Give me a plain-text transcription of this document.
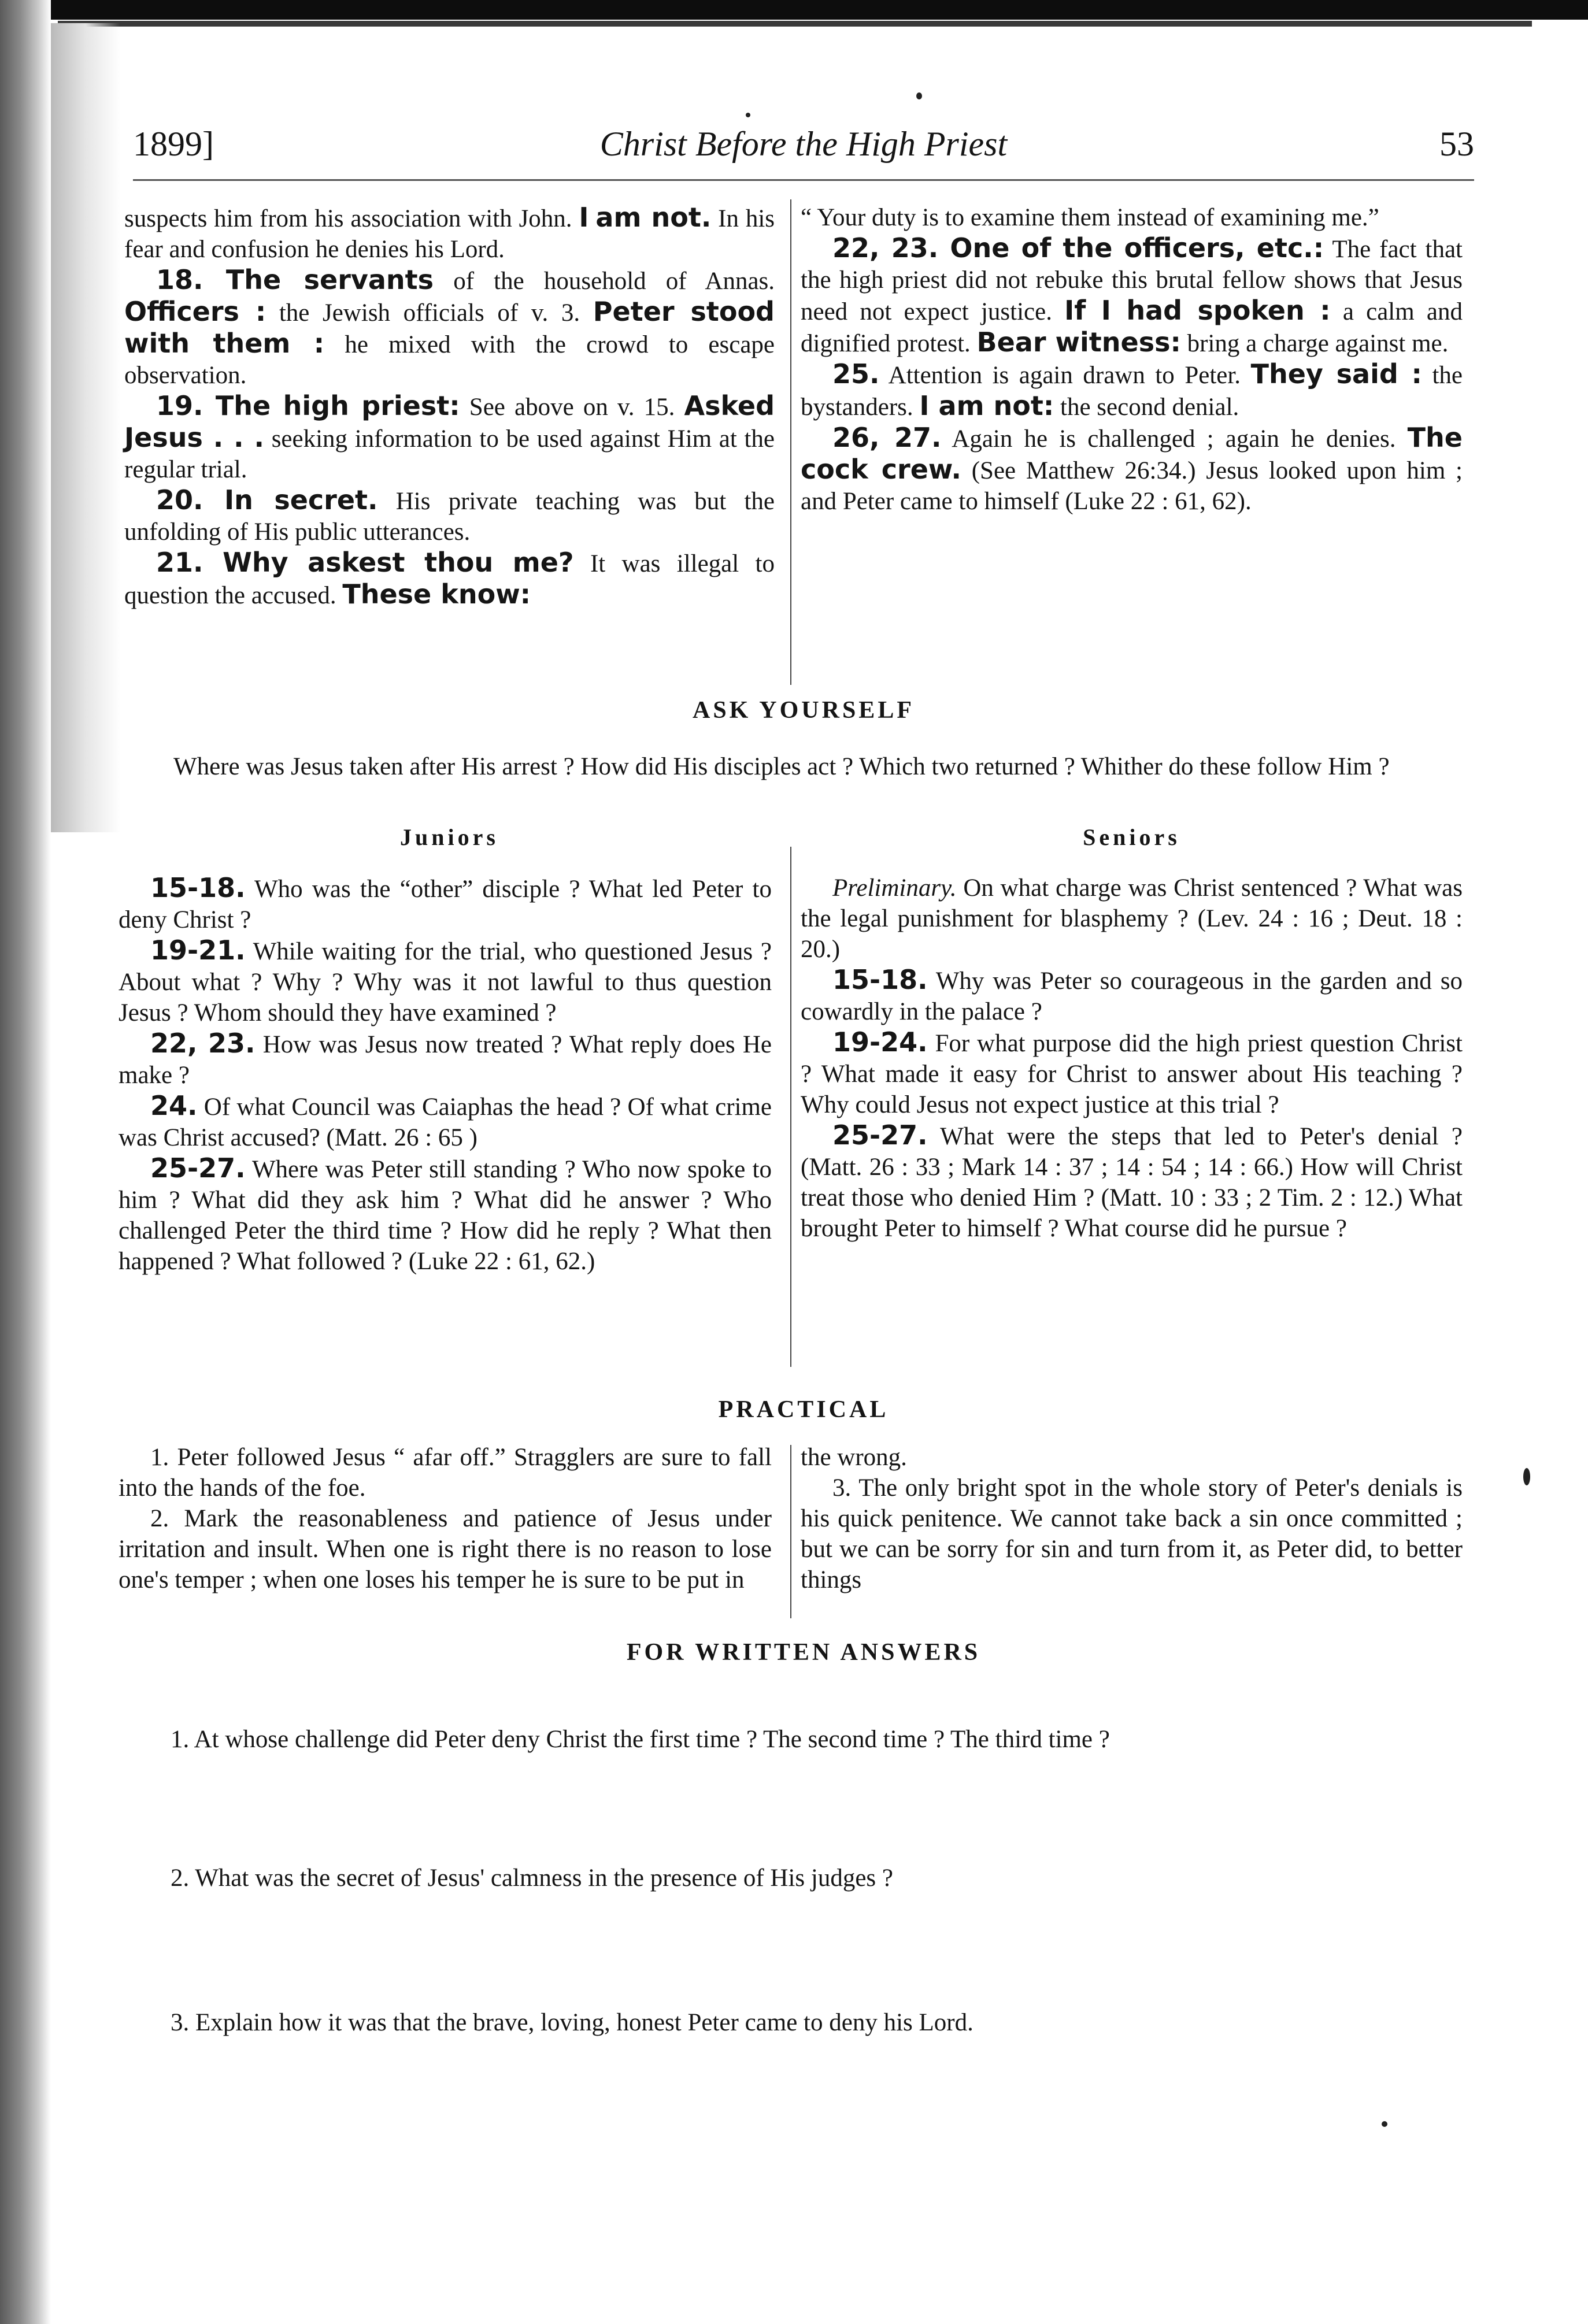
1899]	Christ Before the High Priest	53

suspects him from his association with John. I am not. In his fear and confusion he denies his Lord.

18. The servants of the household of Annas. Officers : the Jewish officials of v. 3. Peter stood with them : he mixed with the crowd to escape observation.

19. The high priest: See above on v. 15. Asked Jesus . . . seeking information to be used against Him at the regular trial.

20. In secret. His private teaching was but the unfolding of His public utterances.

21. Why askest thou me? It was illegal to question the accused. These know:

“ Your duty is to examine them instead of examining me.”

22, 23. One of the officers, etc.: The fact that the high priest did not rebuke this brutal fellow shows that Jesus need not expect justice. If I had spoken : a calm and dignified protest. Bear witness: bring a charge against me.

25. Attention is again drawn to Peter. They said : the bystanders. I am not: the second denial.

26, 27. Again he is challenged ; again he denies. The cock crew. (See Matthew 26:34.) Jesus looked upon him ; and Peter came to himself (Luke 22 : 61, 62).

ASK YOURSELF

Where was Jesus taken after His arrest ? How did His disciples act ? Which two returned ? Whither do these follow Him ?

Juniors	Seniors

15-18. Who was the “other” disciple ? What led Peter to deny Christ ?

19-21. While waiting for the trial, who questioned Jesus ? About what ? Why ? Why was it not lawful to thus question Jesus ? Whom should they have examined ?

22, 23. How was Jesus now treated ? What reply does He make ?

24. Of what Council was Caiaphas the head ? Of what crime was Christ accused? (Matt. 26 : 65 )

25-27. Where was Peter still standing ? Who now spoke to him ? What did they ask him ? What did he answer ? Who challenged Peter the third time ? How did he reply ? What then happened ? What followed ? (Luke 22 : 61, 62.)

Preliminary. On what charge was Christ sentenced ? What was the legal punishment for blasphemy ? (Lev. 24 : 16 ; Deut. 18 : 20.)

15-18. Why was Peter so courageous in the garden and so cowardly in the palace ?

19-24. For what purpose did the high priest question Christ ? What made it easy for Christ to answer about His teaching ? Why could Jesus not expect justice at this trial ?

25-27. What were the steps that led to Peter's denial ? (Matt. 26 : 33 ; Mark 14 : 37 ; 14 : 54 ; 14 : 66.) How will Christ treat those who denied Him ? (Matt. 10 : 33 ; 2 Tim. 2 : 12.) What brought Peter to himself ? What course did he pursue ?

PRACTICAL

1. Peter followed Jesus “ afar off.” Stragglers are sure to fall into the hands of the foe.

2. Mark the reasonableness and patience of Jesus under irritation and insult. When one is right there is no reason to lose one's temper ; when one loses his temper he is sure to be put in

the wrong.

3. The only bright spot in the whole story of Peter's denials is his quick penitence. We cannot take back a sin once committed ; but we can be sorry for sin and turn from it, as Peter did, to better things

FOR WRITTEN ANSWERS

1. At whose challenge did Peter deny Christ the first time ? The second time ? The third time ?

2. What was the secret of Jesus' calmness in the presence of His judges ?

3. Explain how it was that the brave, loving, honest Peter came to deny his Lord.
